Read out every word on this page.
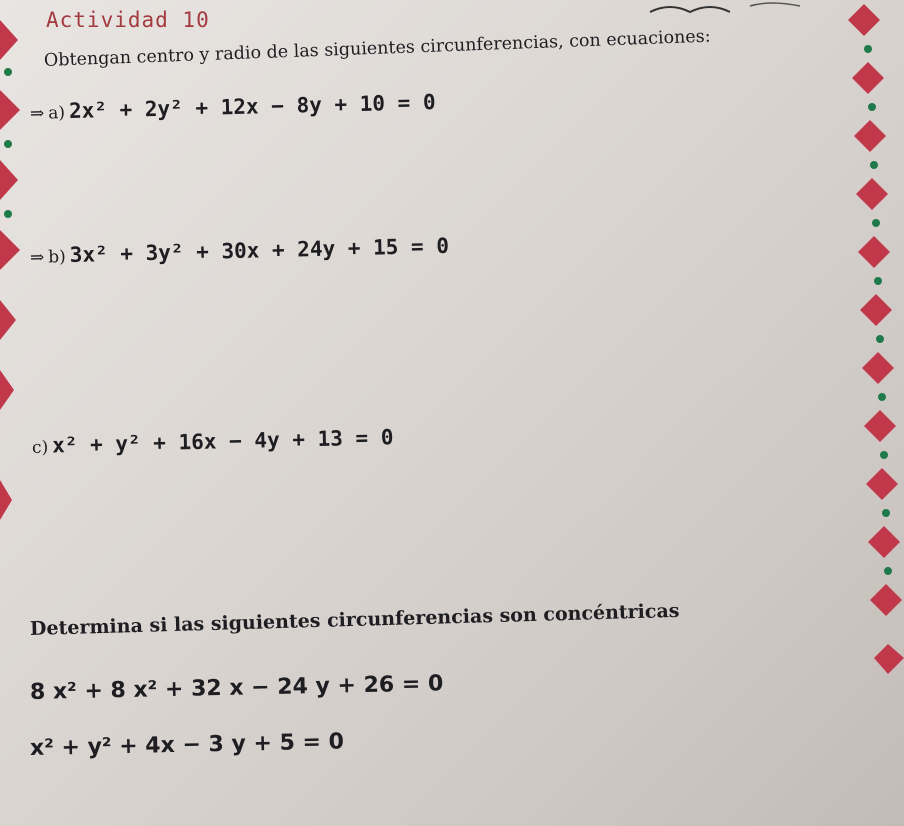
Actividad 10
Obtengan centro y radio de las siguientes circunferencias, con ecuaciones:
⇒ a) 2x² + 2y² + 12x − 8y + 10 = 0
⇒ b) 3x² + 3y² + 30x + 24y + 15 = 0
c) x² + y² + 16x − 4y + 13 = 0
Determina si las siguientes circunferencias son concéntricas
8 x² + 8 x² + 32 x − 24 y + 26 = 0
x² + y² + 4x − 3 y + 5 = 0
